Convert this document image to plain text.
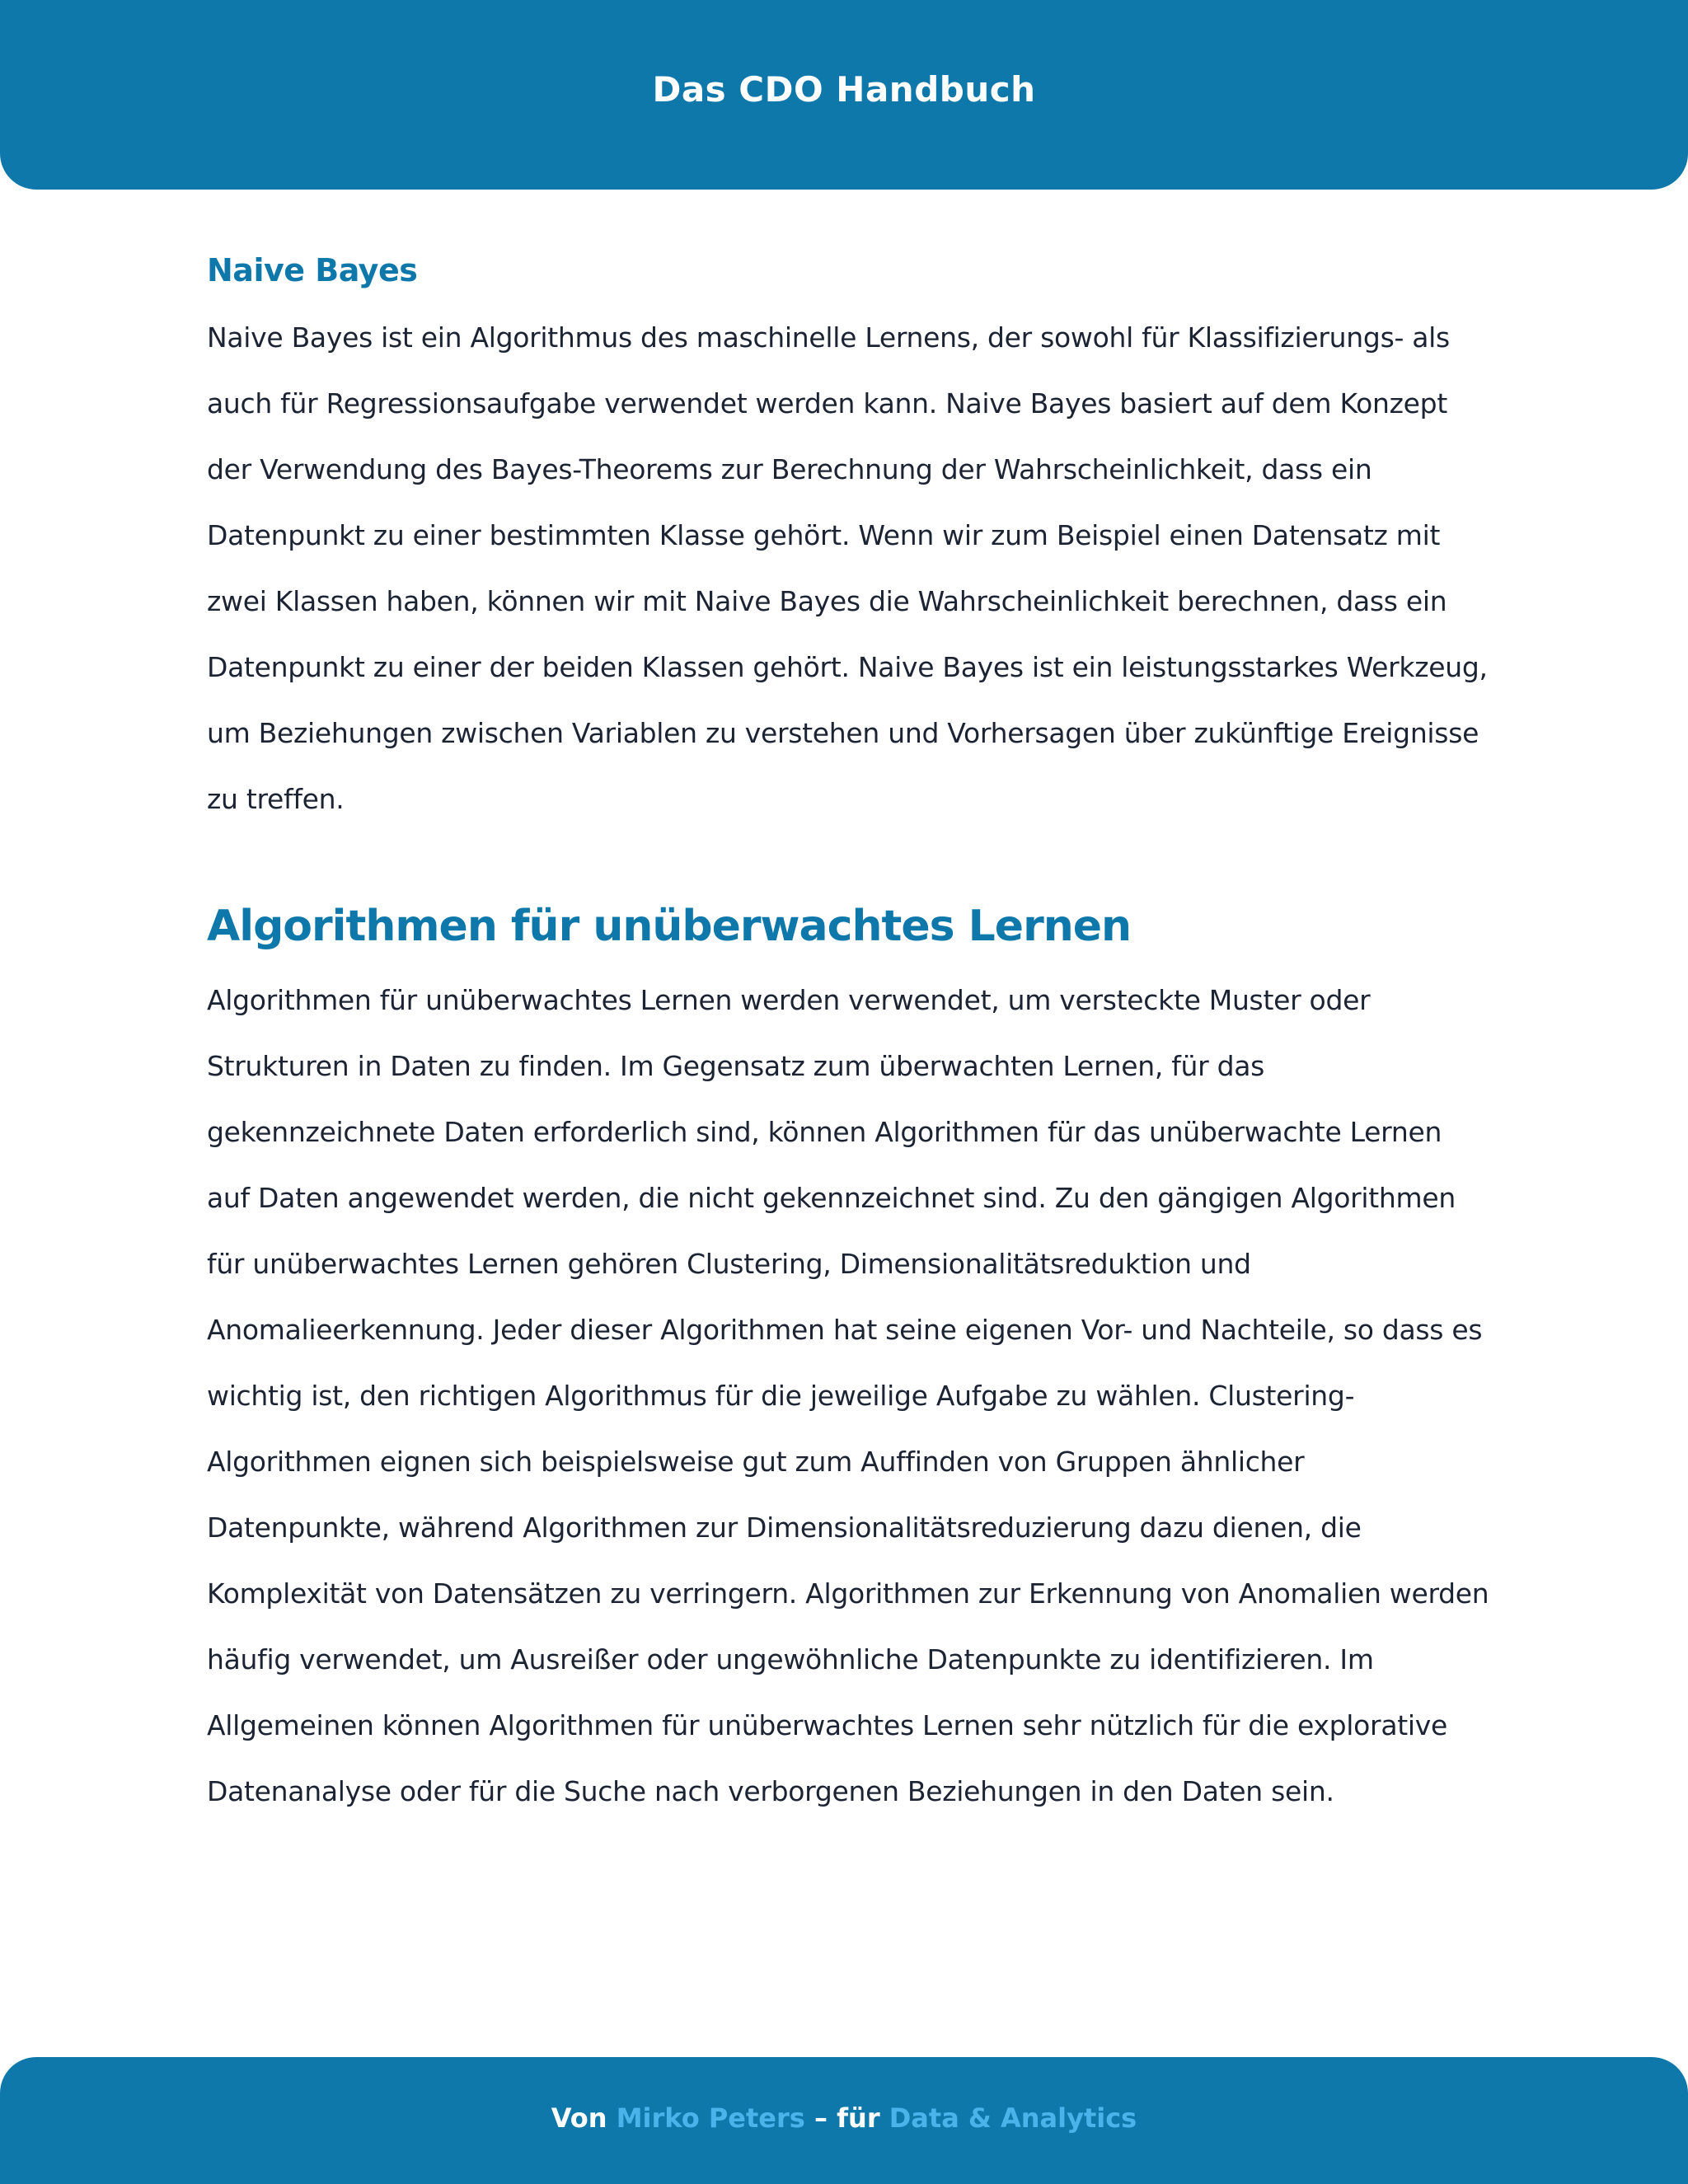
Das CDO Handbuch
Naive Bayes

Naive Bayes ist ein Algorithmus des maschinelle Lernens, der sowohl für Klassifizierungs- als auch für Regressionsaufgabe verwendet werden kann. Naive Bayes basiert auf dem Konzept der Verwendung des Bayes-Theorems zur Berechnung der Wahrscheinlichkeit, dass ein Datenpunkt zu einer bestimmten Klasse gehört. Wenn wir zum Beispiel einen Datensatz mit zwei Klassen haben, können wir mit Naive Bayes die Wahrscheinlichkeit berechnen, dass ein Datenpunkt zu einer der beiden Klassen gehört. Naive Bayes ist ein leistungsstarkes Werkzeug, um Beziehungen zwischen Variablen zu verstehen und Vorhersagen über zukünftige Ereignisse zu treffen.

Algorithmen für unüberwachtes Lernen

Algorithmen für unüberwachtes Lernen werden verwendet, um versteckte Muster oder Strukturen in Daten zu finden. Im Gegensatz zum überwachten Lernen, für das gekennzeichnete Daten erforderlich sind, können Algorithmen für das unüberwachte Lernen auf Daten angewendet werden, die nicht gekennzeichnet sind. Zu den gängigen Algorithmen für unüberwachtes Lernen gehören Clustering, Dimensionalitätsreduktion und Anomalieerkennung. Jeder dieser Algorithmen hat seine eigenen Vor- und Nachteile, so dass es wichtig ist, den richtigen Algorithmus für die jeweilige Aufgabe zu wählen. Clustering-Algorithmen eignen sich beispielsweise gut zum Auffinden von Gruppen ähnlicher Datenpunkte, während Algorithmen zur Dimensionalitätsreduzierung dazu dienen, die Komplexität von Datensätzen zu verringern. Algorithmen zur Erkennung von Anomalien werden häufig verwendet, um Ausreißer oder ungewöhnliche Datenpunkte zu identifizieren. Im Allgemeinen können Algorithmen für unüberwachtes Lernen sehr nützlich für die explorative Datenanalyse oder für die Suche nach verborgenen Beziehungen in den Daten sein.

Von Mirko Peters – für Data & Analytics
